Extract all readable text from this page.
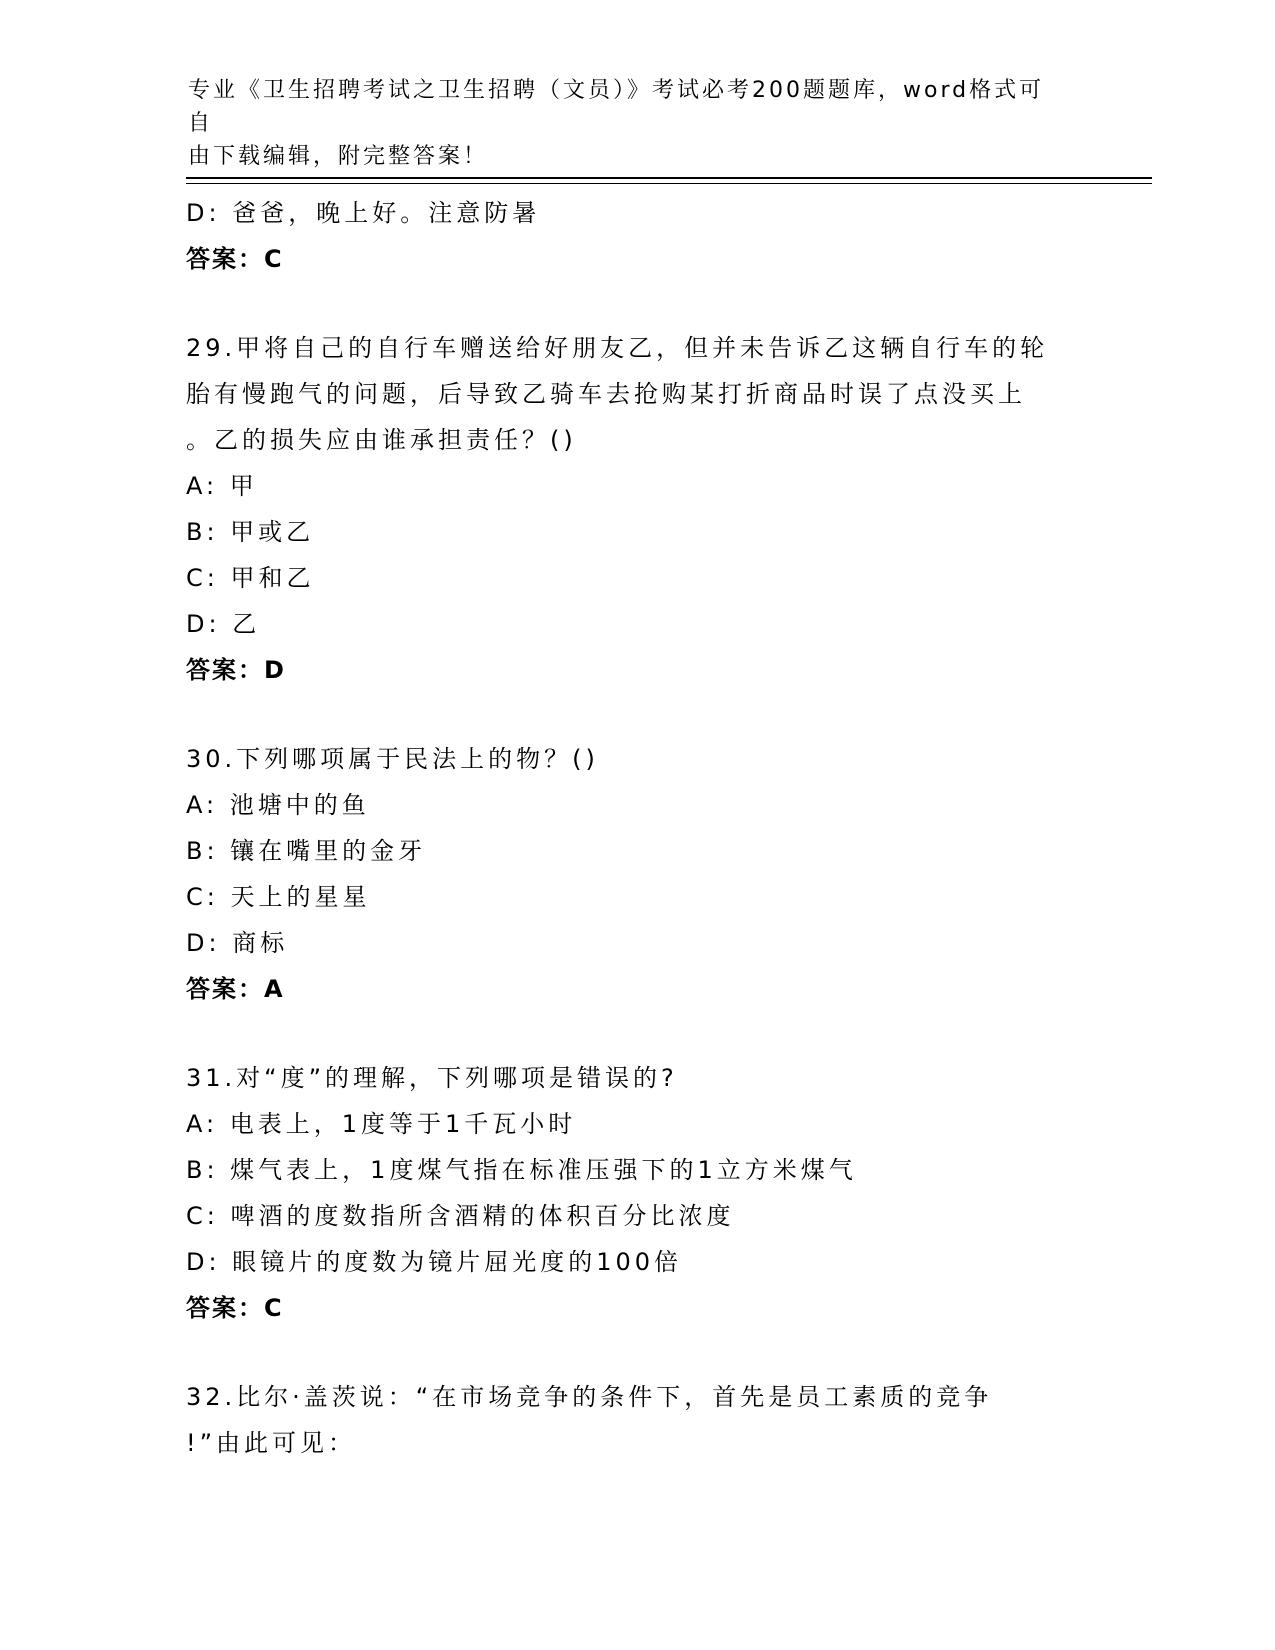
专业《卫生招聘考试之卫生招聘（文员）》考试必考200题题库，word格式可自
由下载编辑，附完整答案！
D: 爸爸，晚上好。注意防暑
答案：C
29.甲将自己的自行车赠送给好朋友乙，但并未告诉乙这辆自行车的轮
胎有慢跑气的问题，后导致乙骑车去抢购某打折商品时误了点没买上
。乙的损失应由谁承担责任？()
A: 甲
B: 甲或乙
C: 甲和乙
D: 乙
答案：D
30.下列哪项属于民法上的物？()
A: 池塘中的鱼
B: 镶在嘴里的金牙
C: 天上的星星
D: 商标
答案：A
31.对“度”的理解，下列哪项是错误的?
A: 电表上，1度等于1千瓦小时
B: 煤气表上，1度煤气指在标准压强下的1立方米煤气
C: 啤酒的度数指所含酒精的体积百分比浓度
D: 眼镜片的度数为镜片屈光度的100倍
答案：C
32.比尔·盖茨说：“在市场竞争的条件下，首先是员工素质的竞争
!”由此可见：
